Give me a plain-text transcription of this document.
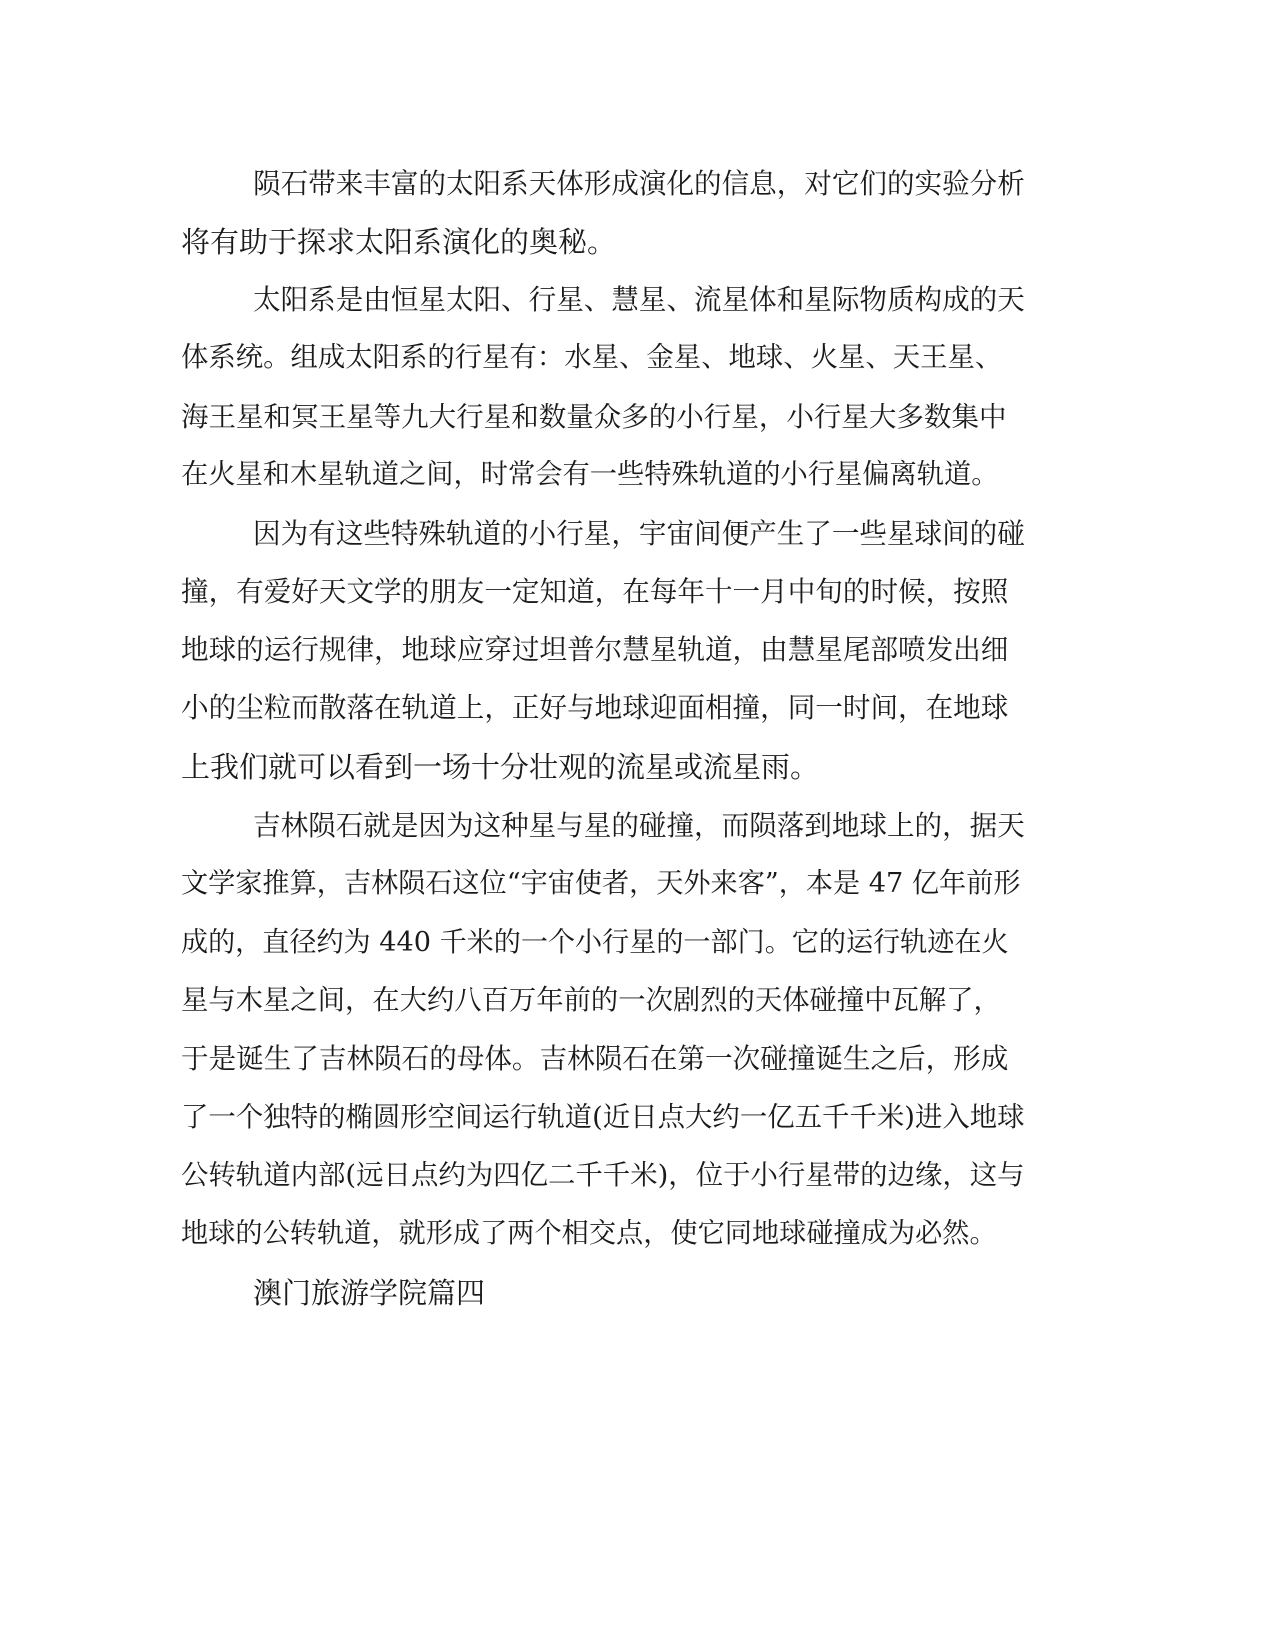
陨石带来丰富的太阳系天体形成演化的信息，对它们的实验分析
将有助于探求太阳系演化的奥秘。
太阳系是由恒星太阳、行星、慧星、流星体和星际物质构成的天
体系统。组成太阳系的行星有：水星、金星、地球、火星、天王星、
海王星和冥王星等九大行星和数量众多的小行星，小行星大多数集中
在火星和木星轨道之间，时常会有一些特殊轨道的小行星偏离轨道。
因为有这些特殊轨道的小行星，宇宙间便产生了一些星球间的碰
撞，有爱好天文学的朋友一定知道，在每年十一月中旬的时候，按照
地球的运行规律，地球应穿过坦普尔慧星轨道，由慧星尾部喷发出细
小的尘粒而散落在轨道上，正好与地球迎面相撞，同一时间，在地球
上我们就可以看到一场十分壮观的流星或流星雨。
吉林陨石就是因为这种星与星的碰撞，而陨落到地球上的，据天
文学家推算，吉林陨石这位“宇宙使者，天外来客”，本是 47 亿年前形
成的，直径约为 440 千米的一个小行星的一部门。它的运行轨迹在火
星与木星之间，在大约八百万年前的一次剧烈的天体碰撞中瓦解了，
于是诞生了吉林陨石的母体。吉林陨石在第一次碰撞诞生之后，形成
了一个独特的椭圆形空间运行轨道(近日点大约一亿五千千米)进入地球
公转轨道内部(远日点约为四亿二千千米)，位于小行星带的边缘，这与
地球的公转轨道，就形成了两个相交点，使它同地球碰撞成为必然。
澳门旅游学院篇四
